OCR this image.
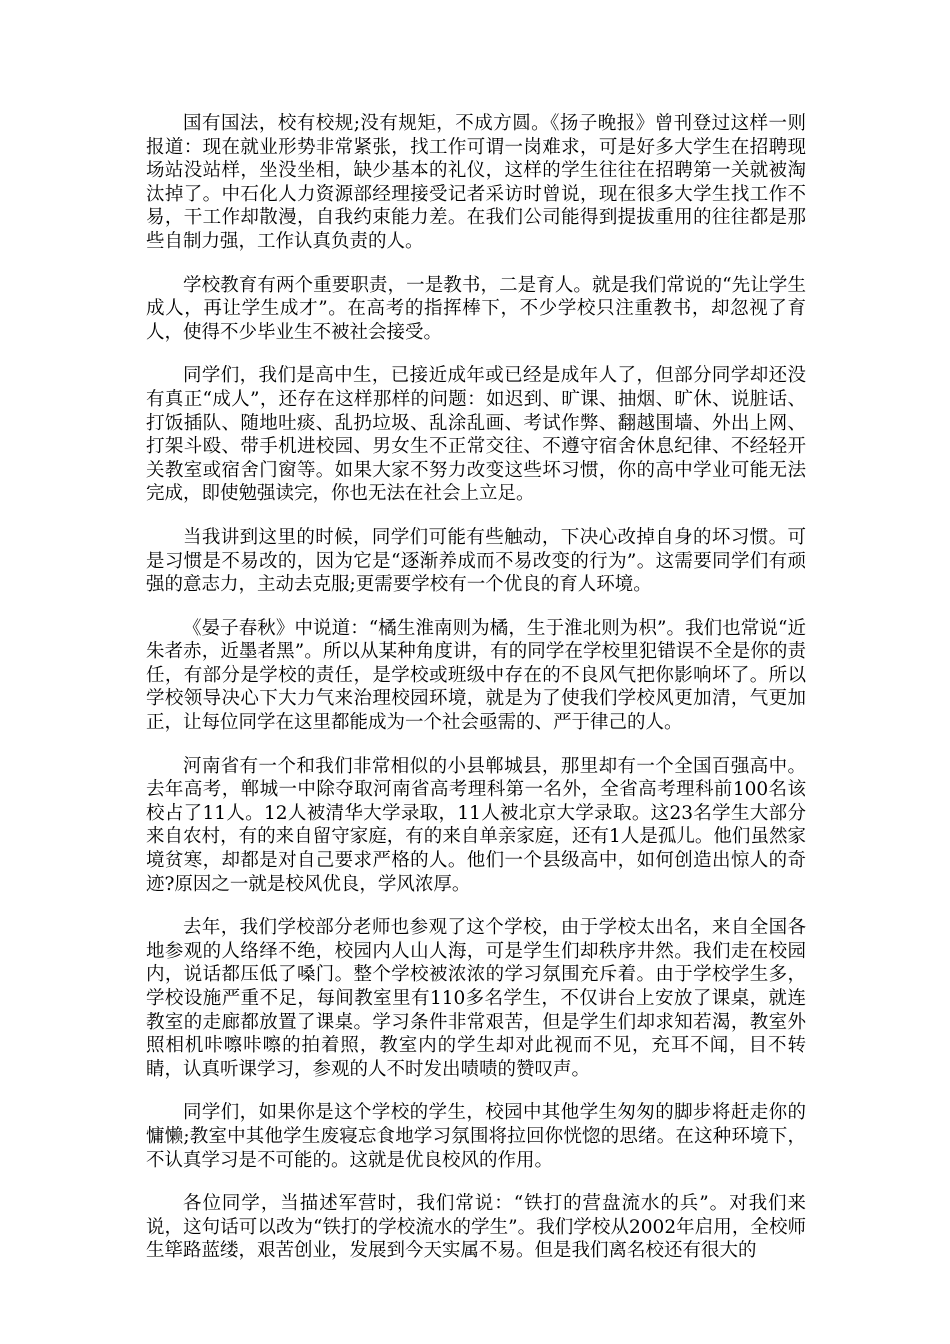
国有国法，校有校规;没有规矩，不成方圆。《扬子晚报》曾刊登过这样一则报道：现在就业形势非常紧张，找工作可谓一岗难求，可是好多大学生在招聘现场站没站样，坐没坐相，缺少基本的礼仪，这样的学生往往在招聘第一关就被淘汰掉了。中石化人力资源部经理接受记者采访时曾说，现在很多大学生找工作不易，干工作却散漫，自我约束能力差。在我们公司能得到提拔重用的往往都是那些自制力强，工作认真负责的人。

学校教育有两个重要职责，一是教书，二是育人。就是我们常说的“先让学生成人，再让学生成才”。在高考的指挥棒下，不少学校只注重教书，却忽视了育人，使得不少毕业生不被社会接受。

同学们，我们是高中生，已接近成年或已经是成年人了，但部分同学却还没有真正“成人”，还存在这样那样的问题：如迟到、旷课、抽烟、旷休、说脏话、打饭插队、随地吐痰、乱扔垃圾、乱涂乱画、考试作弊、翻越围墙、外出上网、打架斗殴、带手机进校园、男女生不正常交往、不遵守宿舍休息纪律、不经轻开关教室或宿舍门窗等。如果大家不努力改变这些坏习惯，你的高中学业可能无法完成，即使勉强读完，你也无法在社会上立足。

当我讲到这里的时候，同学们可能有些触动，下决心改掉自身的坏习惯。可是习惯是不易改的，因为它是“逐渐养成而不易改变的行为”。这需要同学们有顽强的意志力，主动去克服;更需要学校有一个优良的育人环境。

《晏子春秋》中说道：“橘生淮南则为橘，生于淮北则为枳”。我们也常说“近朱者赤，近墨者黑”。所以从某种角度讲，有的同学在学校里犯错误不全是你的责任，有部分是学校的责任，是学校或班级中存在的不良风气把你影响坏了。所以学校领导决心下大力气来治理校园环境，就是为了使我们学校风更加清，气更加正，让每位同学在这里都能成为一个社会亟需的、严于律己的人。

河南省有一个和我们非常相似的小县郸城县，那里却有一个全国百强高中。去年高考，郸城一中除夺取河南省高考理科第一名外，全省高考理科前100名该校占了11人。12人被清华大学录取，11人被北京大学录取。这23名学生大部分来自农村，有的来自留守家庭，有的来自单亲家庭，还有1人是孤儿。他们虽然家境贫寒，却都是对自己要求严格的人。他们一个县级高中，如何创造出惊人的奇迹?原因之一就是校风优良，学风浓厚。

去年，我们学校部分老师也参观了这个学校，由于学校太出名，来自全国各地参观的人络绎不绝，校园内人山人海，可是学生们却秩序井然。我们走在校园内，说话都压低了嗓门。整个学校被浓浓的学习氛围充斥着。由于学校学生多，学校设施严重不足，每间教室里有110多名学生，不仅讲台上安放了课桌，就连教室的走廊都放置了课桌。学习条件非常艰苦，但是学生们却求知若渴，教室外照相机咔嚓咔嚓的拍着照，教室内的学生却对此视而不见，充耳不闻，目不转睛，认真听课学习，参观的人不时发出啧啧的赞叹声。

同学们，如果你是这个学校的学生，校园中其他学生匆匆的脚步将赶走你的慵懒;教室中其他学生废寝忘食地学习氛围将拉回你恍惚的思绪。在这种环境下，不认真学习是不可能的。这就是优良校风的作用。

各位同学，当描述军营时，我们常说：“铁打的营盘流水的兵”。对我们来说，这句话可以改为“铁打的学校流水的学生”。我们学校从2002年启用，全校师生筚路蓝缕，艰苦创业，发展到今天实属不易。但是我们离名校还有很大的
